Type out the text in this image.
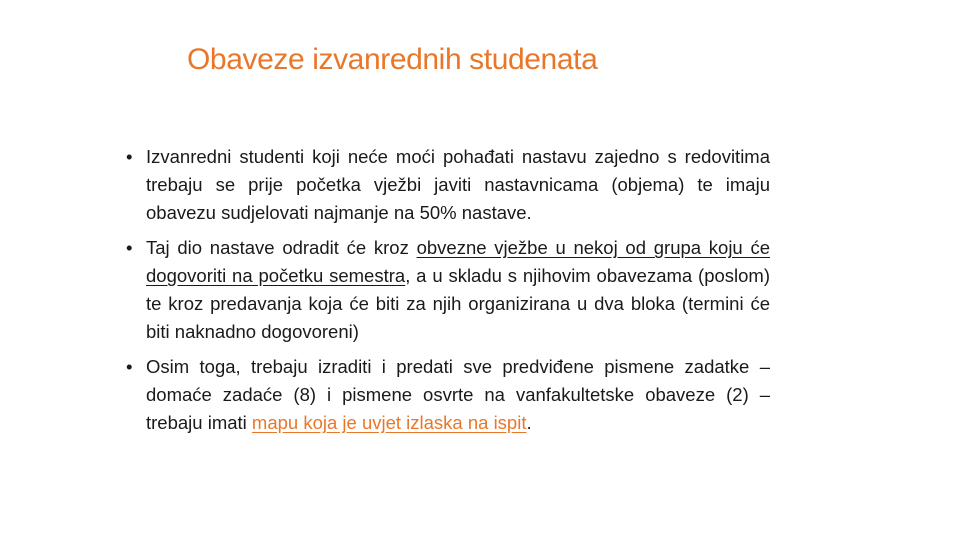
Obaveze izvanrednih studenata
• Izvanredni studenti koji neće moći pohađati nastavu zajedno s redovitima trebaju se prije početka vježbi javiti nastavnicama (objema) te imaju obavezu sudjelovati najmanje na 50% nastave.
• Taj dio nastave odradit će kroz obvezne vježbe u nekoj od grupa koju će dogovoriti na početku semestra, a u skladu s njihovim obavezama (poslom) te kroz predavanja koja će biti za njih organizirana u dva bloka (termini će biti naknadno dogovoreni)
• Osim toga, trebaju izraditi i predati sve predviđene pismene zadatke –domaće zadaće (8) i pismene osvrte na vanfakultetske obaveze (2) – trebaju imati mapu koja je uvjet izlaska na ispit.
